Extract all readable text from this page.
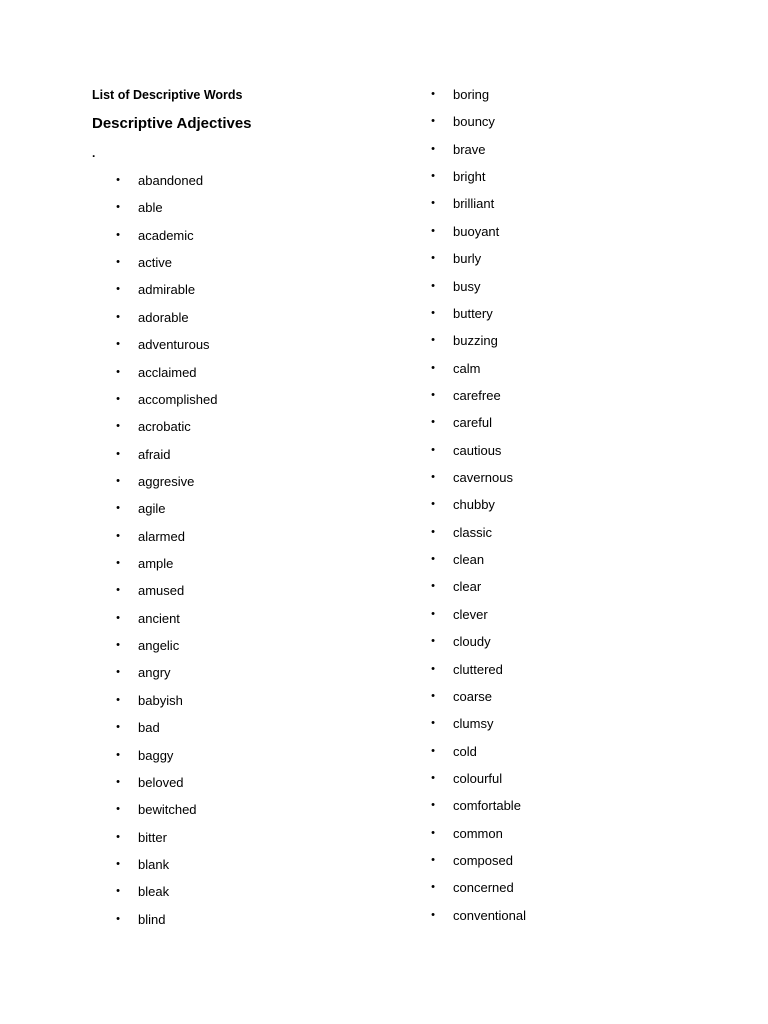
List of Descriptive Words
Descriptive Adjectives
.
•	abandoned
•	able
•	academic
•	active
•	admirable
•	adorable
•	adventurous
•	acclaimed
•	accomplished
•	acrobatic
•	afraid
•	aggresive
•	agile
•	alarmed
•	ample
•	amused
•	ancient
•	angelic
•	angry
•	babyish
•	bad
•	baggy
•	beloved
•	bewitched
•	bitter
•	blank
•	bleak
•	blind
•	boring
•	bouncy
•	brave
•	bright
•	brilliant
•	buoyant
•	burly
•	busy
•	buttery
•	buzzing
•	calm
•	carefree
•	careful
•	cautious
•	cavernous
•	chubby
•	classic
•	clean
•	clear
•	clever
•	cloudy
•	cluttered
•	coarse
•	clumsy
•	cold
•	colourful
•	comfortable
•	common
•	composed
•	concerned
•	conventional
